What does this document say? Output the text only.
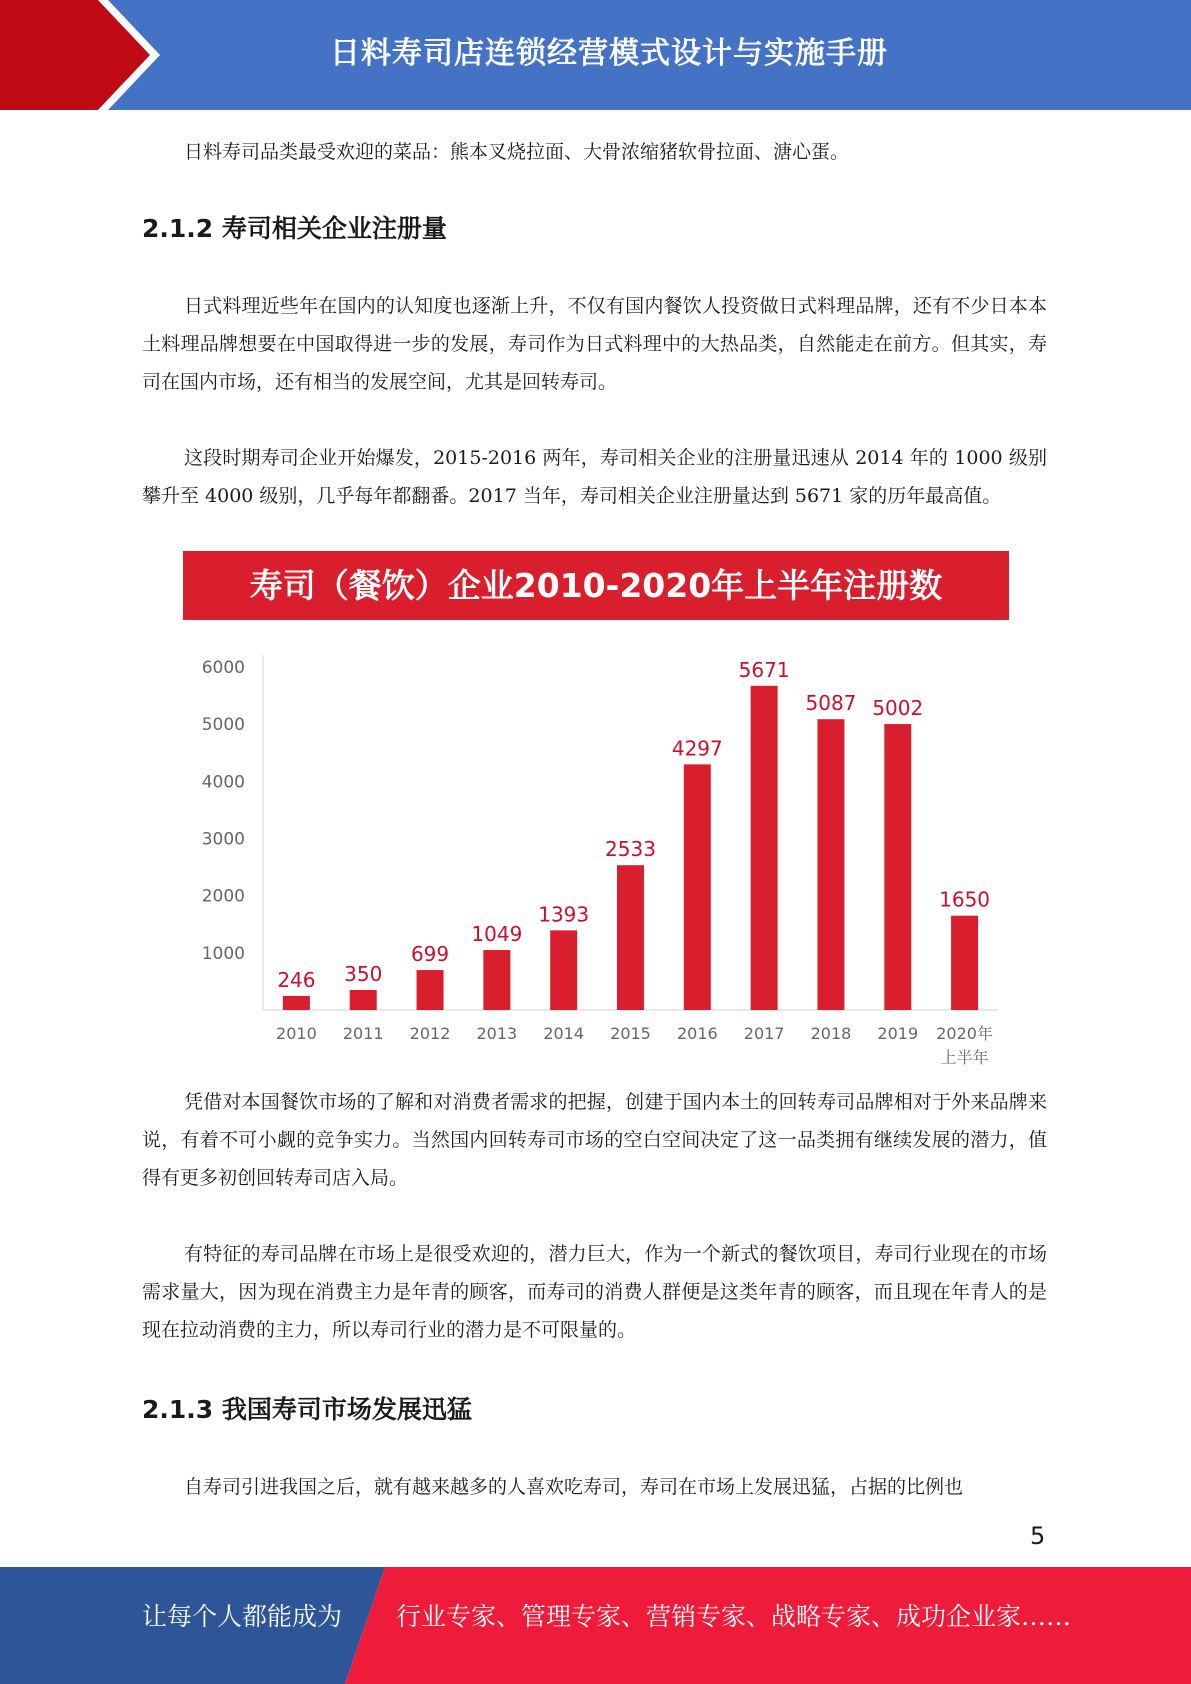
日料寿司店连锁经营模式设计与实施手册

日料寿司品类最受欢迎的菜品：熊本叉烧拉面、大骨浓缩猪软骨拉面、溏心蛋。

2.1.2 寿司相关企业注册量

日式料理近些年在国内的认知度也逐渐上升，不仅有国内餐饮人投资做日式料理品牌，还有不少日本本土料理品牌想要在中国取得进一步的发展，寿司作为日式料理中的大热品类，自然能走在前方。但其实，寿司在国内市场，还有相当的发展空间，尤其是回转寿司。

这段时期寿司企业开始爆发，2015-2016 两年，寿司相关企业的注册量迅速从 2014 年的 1000 级别攀升至 4000 级别，几乎每年都翻番。2017 当年，寿司相关企业注册量达到 5671 家的历年最高值。

寿司（餐饮）企业2010-2020年上半年注册数
1000
2000
3000
4000
5000
6000
246
2010
350
2011
699
2012
1049
2013
1393
2014
2533
2015
4297
2016
5671
2017
5087
2018
5002
2019
1650
2020年
上半年

凭借对本国餐饮市场的了解和对消费者需求的把握，创建于国内本土的回转寿司品牌相对于外来品牌来说，有着不可小觑的竞争实力。当然国内回转寿司市场的空白空间决定了这一品类拥有继续发展的潜力，值得有更多初创回转寿司店入局。

有特征的寿司品牌在市场上是很受欢迎的，潜力巨大，作为一个新式的餐饮项目，寿司行业现在的市场需求量大，因为现在消费主力是年青的顾客，而寿司的消费人群便是这类年青的顾客，而且现在年青人的是现在拉动消费的主力，所以寿司行业的潜力是不可限量的。

2.1.3 我国寿司市场发展迅猛

自寿司引进我国之后，就有越来越多的人喜欢吃寿司，寿司在市场上发展迅猛，占据的比例也

5
让每个人都能成为 行业专家、管理专家、营销专家、战略专家、成功企业家……
